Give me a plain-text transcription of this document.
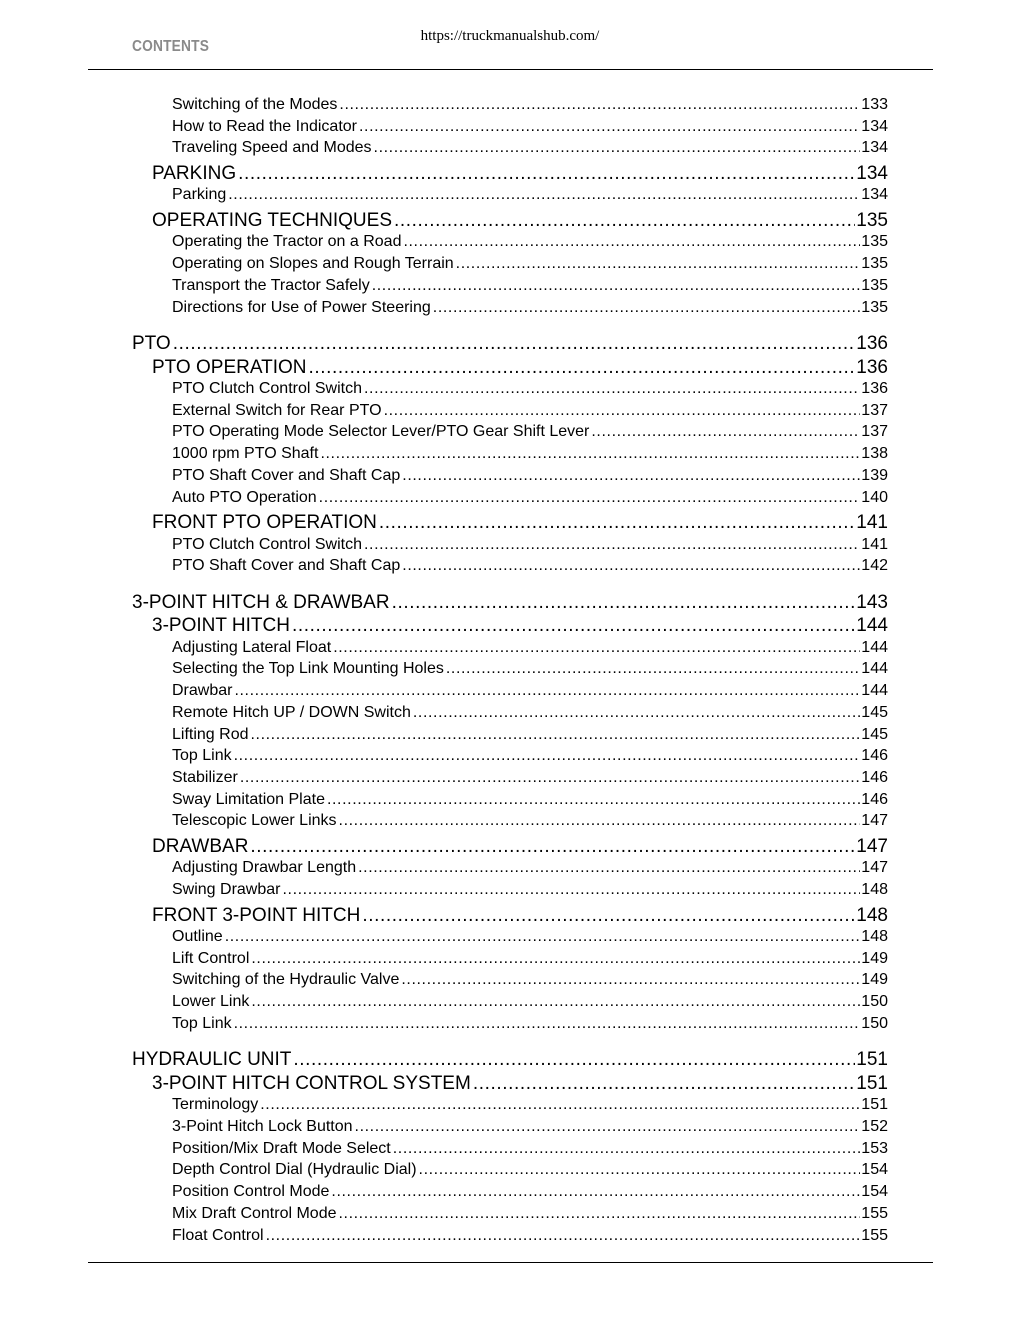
https://truckmanualshub.com/
CONTENTS
Switching of the Modes .....	133
How to Read the Indicator .....	134
Traveling Speed and Modes .....	134
PARKING .....	134
Parking .....	134
OPERATING TECHNIQUES .....	135
Operating the Tractor on a Road .....	135
Operating on Slopes and Rough Terrain .....	135
Transport the Tractor Safely .....	135
Directions for Use of Power Steering .....	135
PTO .....	136
PTO OPERATION .....	136
PTO Clutch Control Switch .....	136
External Switch for Rear PTO .....	137
PTO Operating Mode Selector Lever/PTO Gear Shift Lever .....	137
1000 rpm PTO Shaft .....	138
PTO Shaft Cover and Shaft Cap .....	139
Auto PTO Operation .....	140
FRONT PTO OPERATION .....	141
PTO Clutch Control Switch .....	141
PTO Shaft Cover and Shaft Cap .....	142
3-POINT HITCH & DRAWBAR .....	143
3-POINT HITCH .....	144
Adjusting Lateral Float .....	144
Selecting the Top Link Mounting Holes .....	144
Drawbar .....	144
Remote Hitch UP / DOWN Switch .....	145
Lifting Rod .....	145
Top Link .....	146
Stabilizer .....	146
Sway Limitation Plate .....	146
Telescopic Lower Links .....	147
DRAWBAR .....	147
Adjusting Drawbar Length .....	147
Swing Drawbar .....	148
FRONT 3-POINT HITCH .....	148
Outline .....	148
Lift Control .....	149
Switching of the Hydraulic Valve .....	149
Lower Link .....	150
Top Link .....	150
HYDRAULIC UNIT .....	151
3-POINT HITCH CONTROL SYSTEM .....	151
Terminology .....	151
3-Point Hitch Lock Button .....	152
Position/Mix Draft Mode Select .....	153
Depth Control Dial (Hydraulic Dial) .....	154
Position Control Mode .....	154
Mix Draft Control Mode .....	155
Float Control .....	155
